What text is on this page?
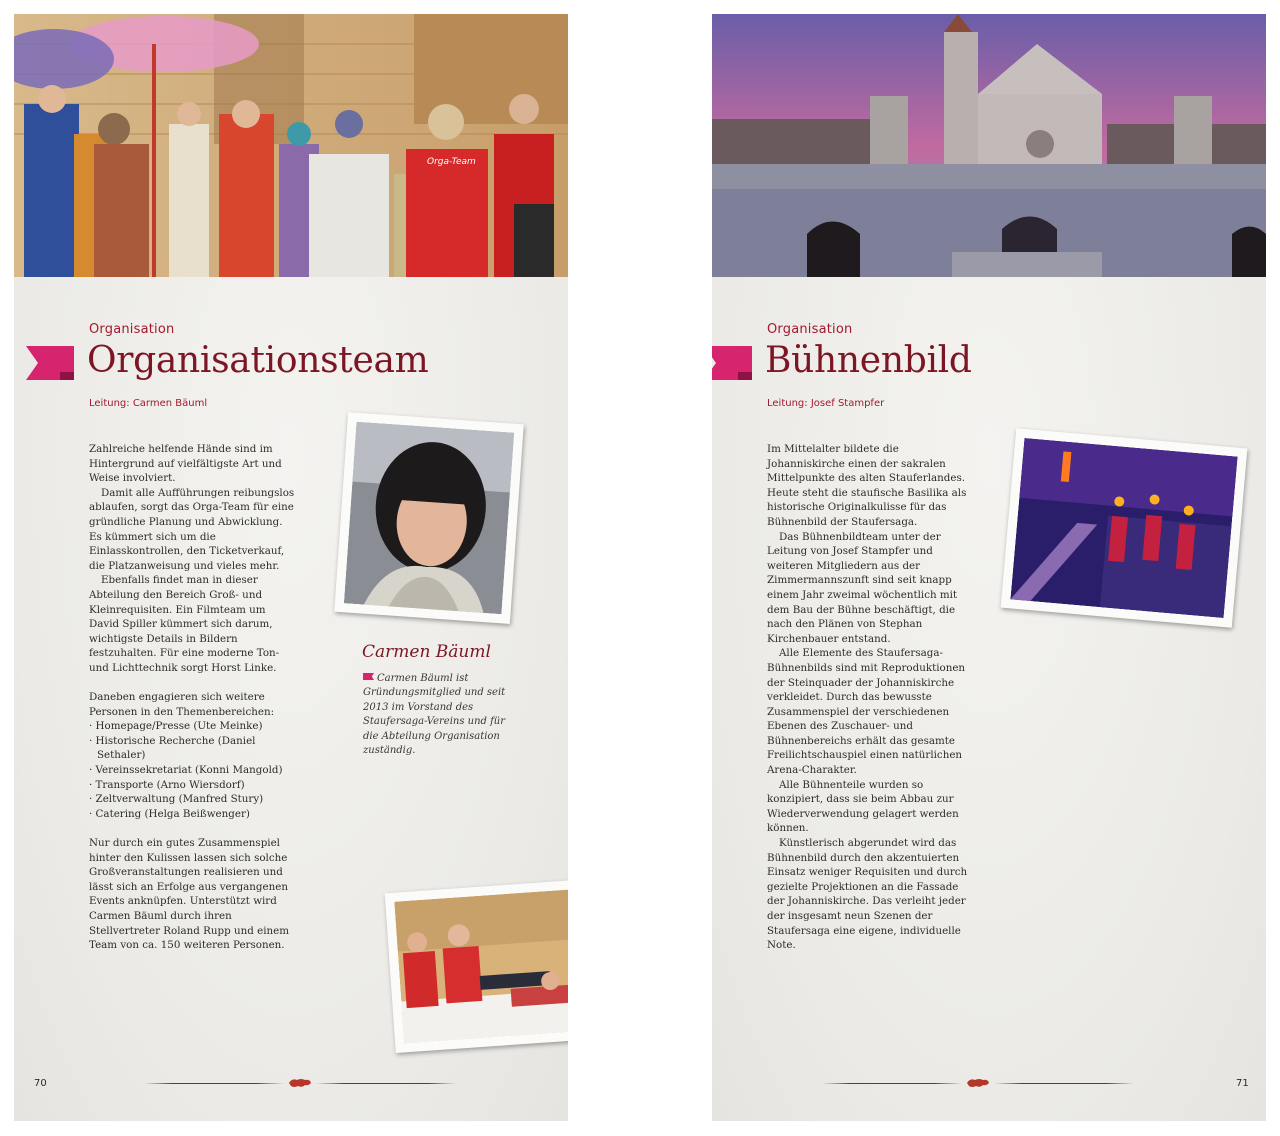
Orga-Team
Organisation
Organisationsteam
Leitung: Carmen Bäuml

Zahlreiche helfende Hände sind im Hintergrund auf vielfältigste Art und Weise involviert.

Damit alle Aufführungen reibungslos ablaufen, sorgt das Orga-Team für eine gründliche Planung und Abwicklung. Es kümmert sich um die Einlasskontrollen, den Ticketverkauf, die Platzanweisung und vieles mehr.

Ebenfalls findet man in dieser Abteilung den Bereich Groß- und Kleinrequisiten. Ein Filmteam um David Spiller kümmert sich darum, wichtigste Details in Bildern festzuhalten. Für eine moderne Ton- und Lichttechnik sorgt Horst Linke.

Daneben engagieren sich weitere Personen in den Themenbereichen:

· Homepage/Presse (Ute Meinke)
· Historische Recherche (Daniel Sethaler)
· Vereinssekretariat (Konni Mangold)
· Transporte (Arno Wiersdorf)
· Zeltverwaltung (Manfred Stury)
· Catering (Helga Beißwenger)

Nur durch ein gutes Zusammenspiel hinter den Kulissen lassen sich solche Großveranstaltungen realisieren und lässt sich an Erfolge aus vergangenen Events anknüpfen. Unterstützt wird Carmen Bäuml durch ihren Stellvertreter Roland Rupp und einem Team von ca. 150 weiteren Personen.

Carmen Bäuml
Carmen Bäuml ist Gründungsmitglied und seit 2013 im Vorstand des Staufersaga-Vereins und für die Abteilung Organisation zuständig.
70
Organisation
Bühnenbild
Leitung: Josef Stampfer

Im Mittelalter bildete die Johanniskirche einen der sakralen Mittelpunkte des alten Stauferlandes. Heute steht die staufische Basilika als historische Originalkulisse für das Bühnenbild der Staufersaga.

Das Bühnenbildteam unter der Leitung von Josef Stampfer und weiteren Mitgliedern aus der Zimmermannszunft sind seit knapp einem Jahr zweimal wöchentlich mit dem Bau der Bühne beschäftigt, die nach den Plänen von Stephan Kirchenbauer entstand.

Alle Elemente des Staufersaga-Bühnenbilds sind mit Reproduktionen der Steinquader der Johanniskirche verkleidet. Durch das bewusste Zusammenspiel der verschiedenen Ebenen des Zuschauer- und Bühnenbereichs erhält das gesamte Freilichtschauspiel einen natürlichen Arena-Charakter.

Alle Bühnenteile wurden so konzipiert, dass sie beim Abbau zur Wiederverwendung gelagert werden können.

Künstlerisch abgerundet wird das Bühnenbild durch den akzentuierten Einsatz weniger Requisiten und durch gezielte Projektionen an die Fassade der Johanniskirche. Das verleiht jeder der insgesamt neun Szenen der Staufersaga eine eigene, individuelle Note.

71
